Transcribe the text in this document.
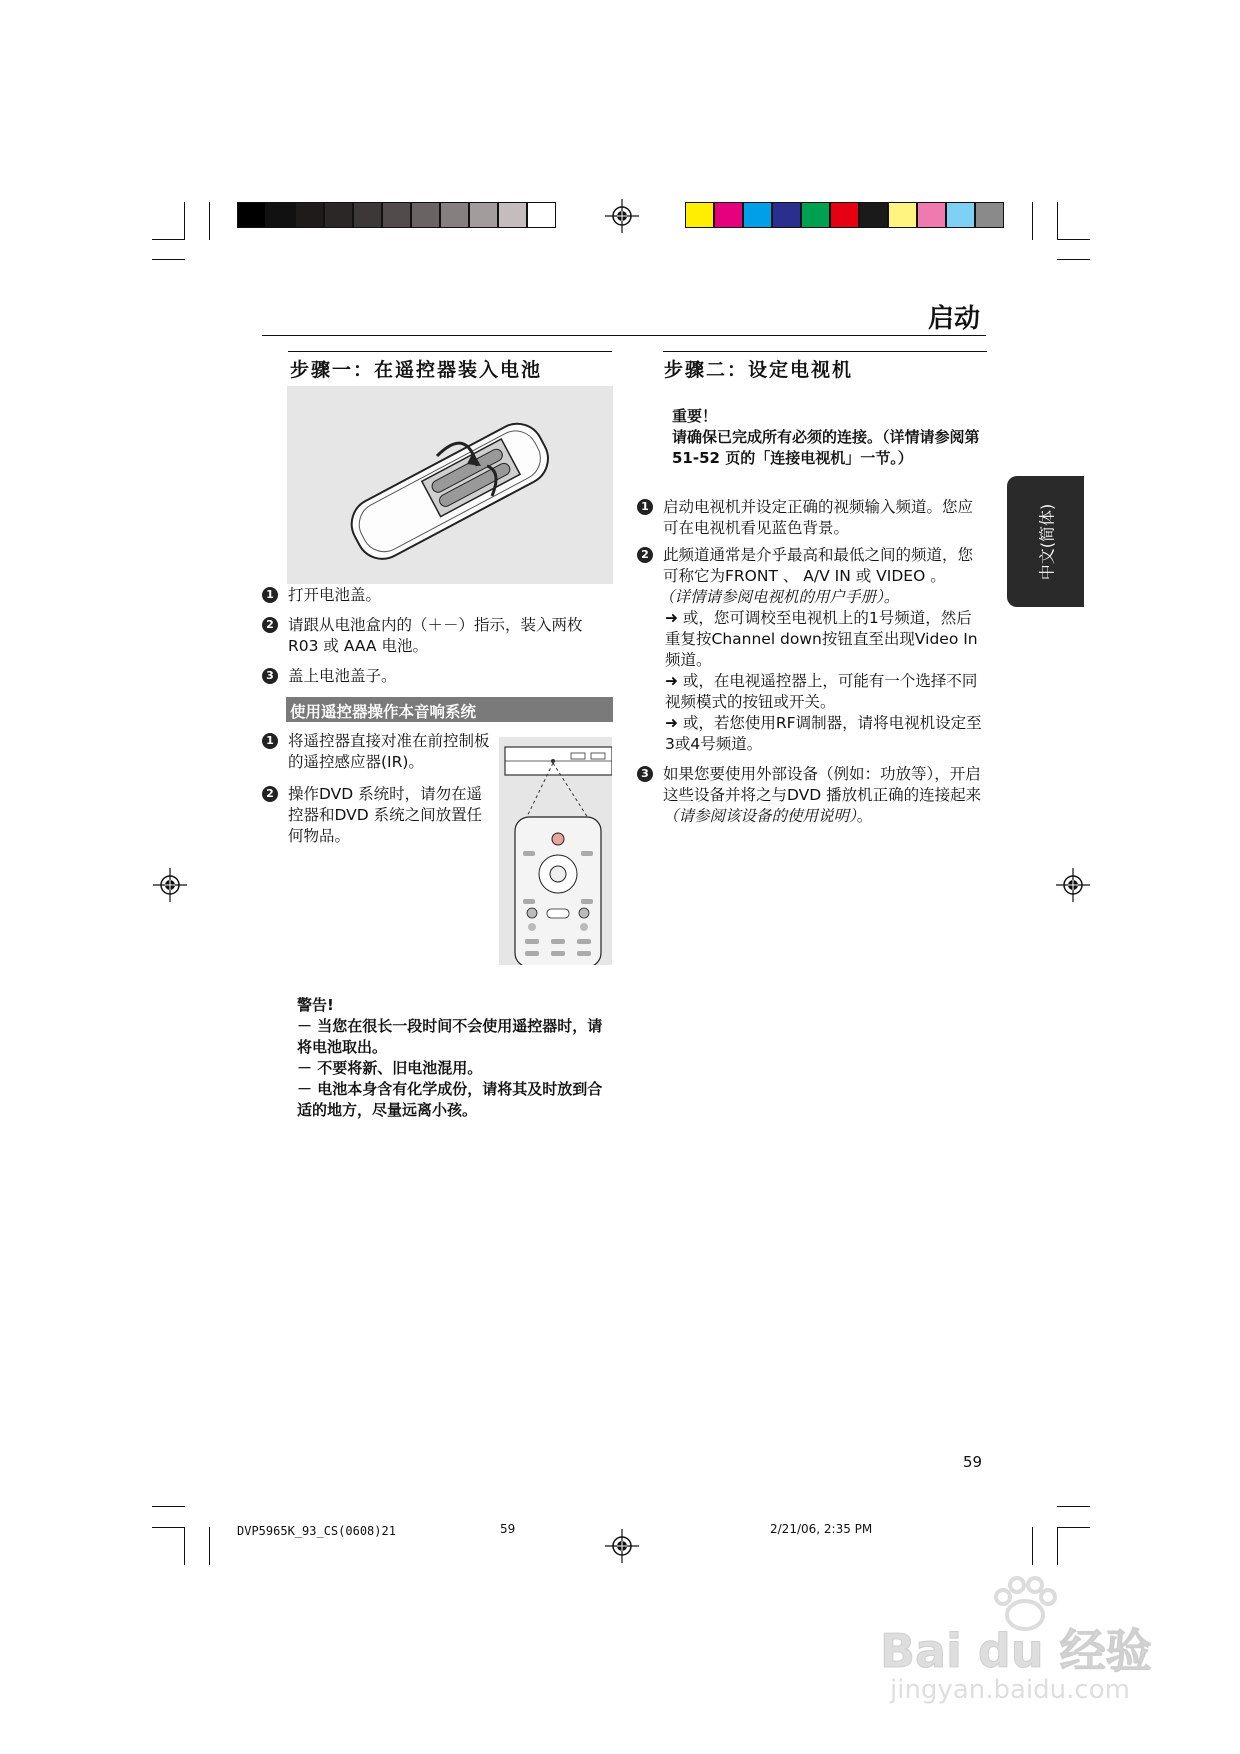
启动
步骤一：在遥控器装入电池
1 打开电池盖。
2 请跟从电池盒内的（＋－）指示，装入两枚R03 或 AAA 电池。
3 盖上电池盖子。
使用遥控器操作本音响系统
1 将遥控器直接对准在前控制板的遥控感应器(IR)。
2 操作DVD 系统时，请勿在遥控器和DVD 系统之间放置任何物品。
警告!
－ 当您在很长一段时间不会使用遥控器时，请将电池取出。
－ 不要将新、旧电池混用。
－ 电池本身含有化学成份，请将其及时放到合适的地方，尽量远离小孩。
步骤二：设定电视机
重要！
请确保已完成所有必须的连接。（详情请参阅第 51-52 页的「连接电视机」一节。）
1 启动电视机并设定正确的视频输入频道。您应可在电视机看见蓝色背景。
2 此频道通常是介乎最高和最低之间的频道，您可称它为FRONT 、 A/V IN 或 VIDEO 。
（详情请参阅电视机的用户手册）。
➜ 或，您可调校至电视机上的1号频道，然后重复按Channel down按钮直至出现Video In频道。
➜ 或，在电视遥控器上，可能有一个选择不同视频模式的按钮或开关。
➜ 或，若您使用RF调制器，请将电视机设定至3或4号频道。
3 如果您要使用外部设备（例如：功放等），开启这些设备并将之与DVD 播放机正确的连接起来（请参阅该设备的使用说明）。
中文(简体)
59
DVP5965K_93_CS(0608)21	59	2/21/06, 2:35 PM
Bai du 经验
jingyan.baidu.com
